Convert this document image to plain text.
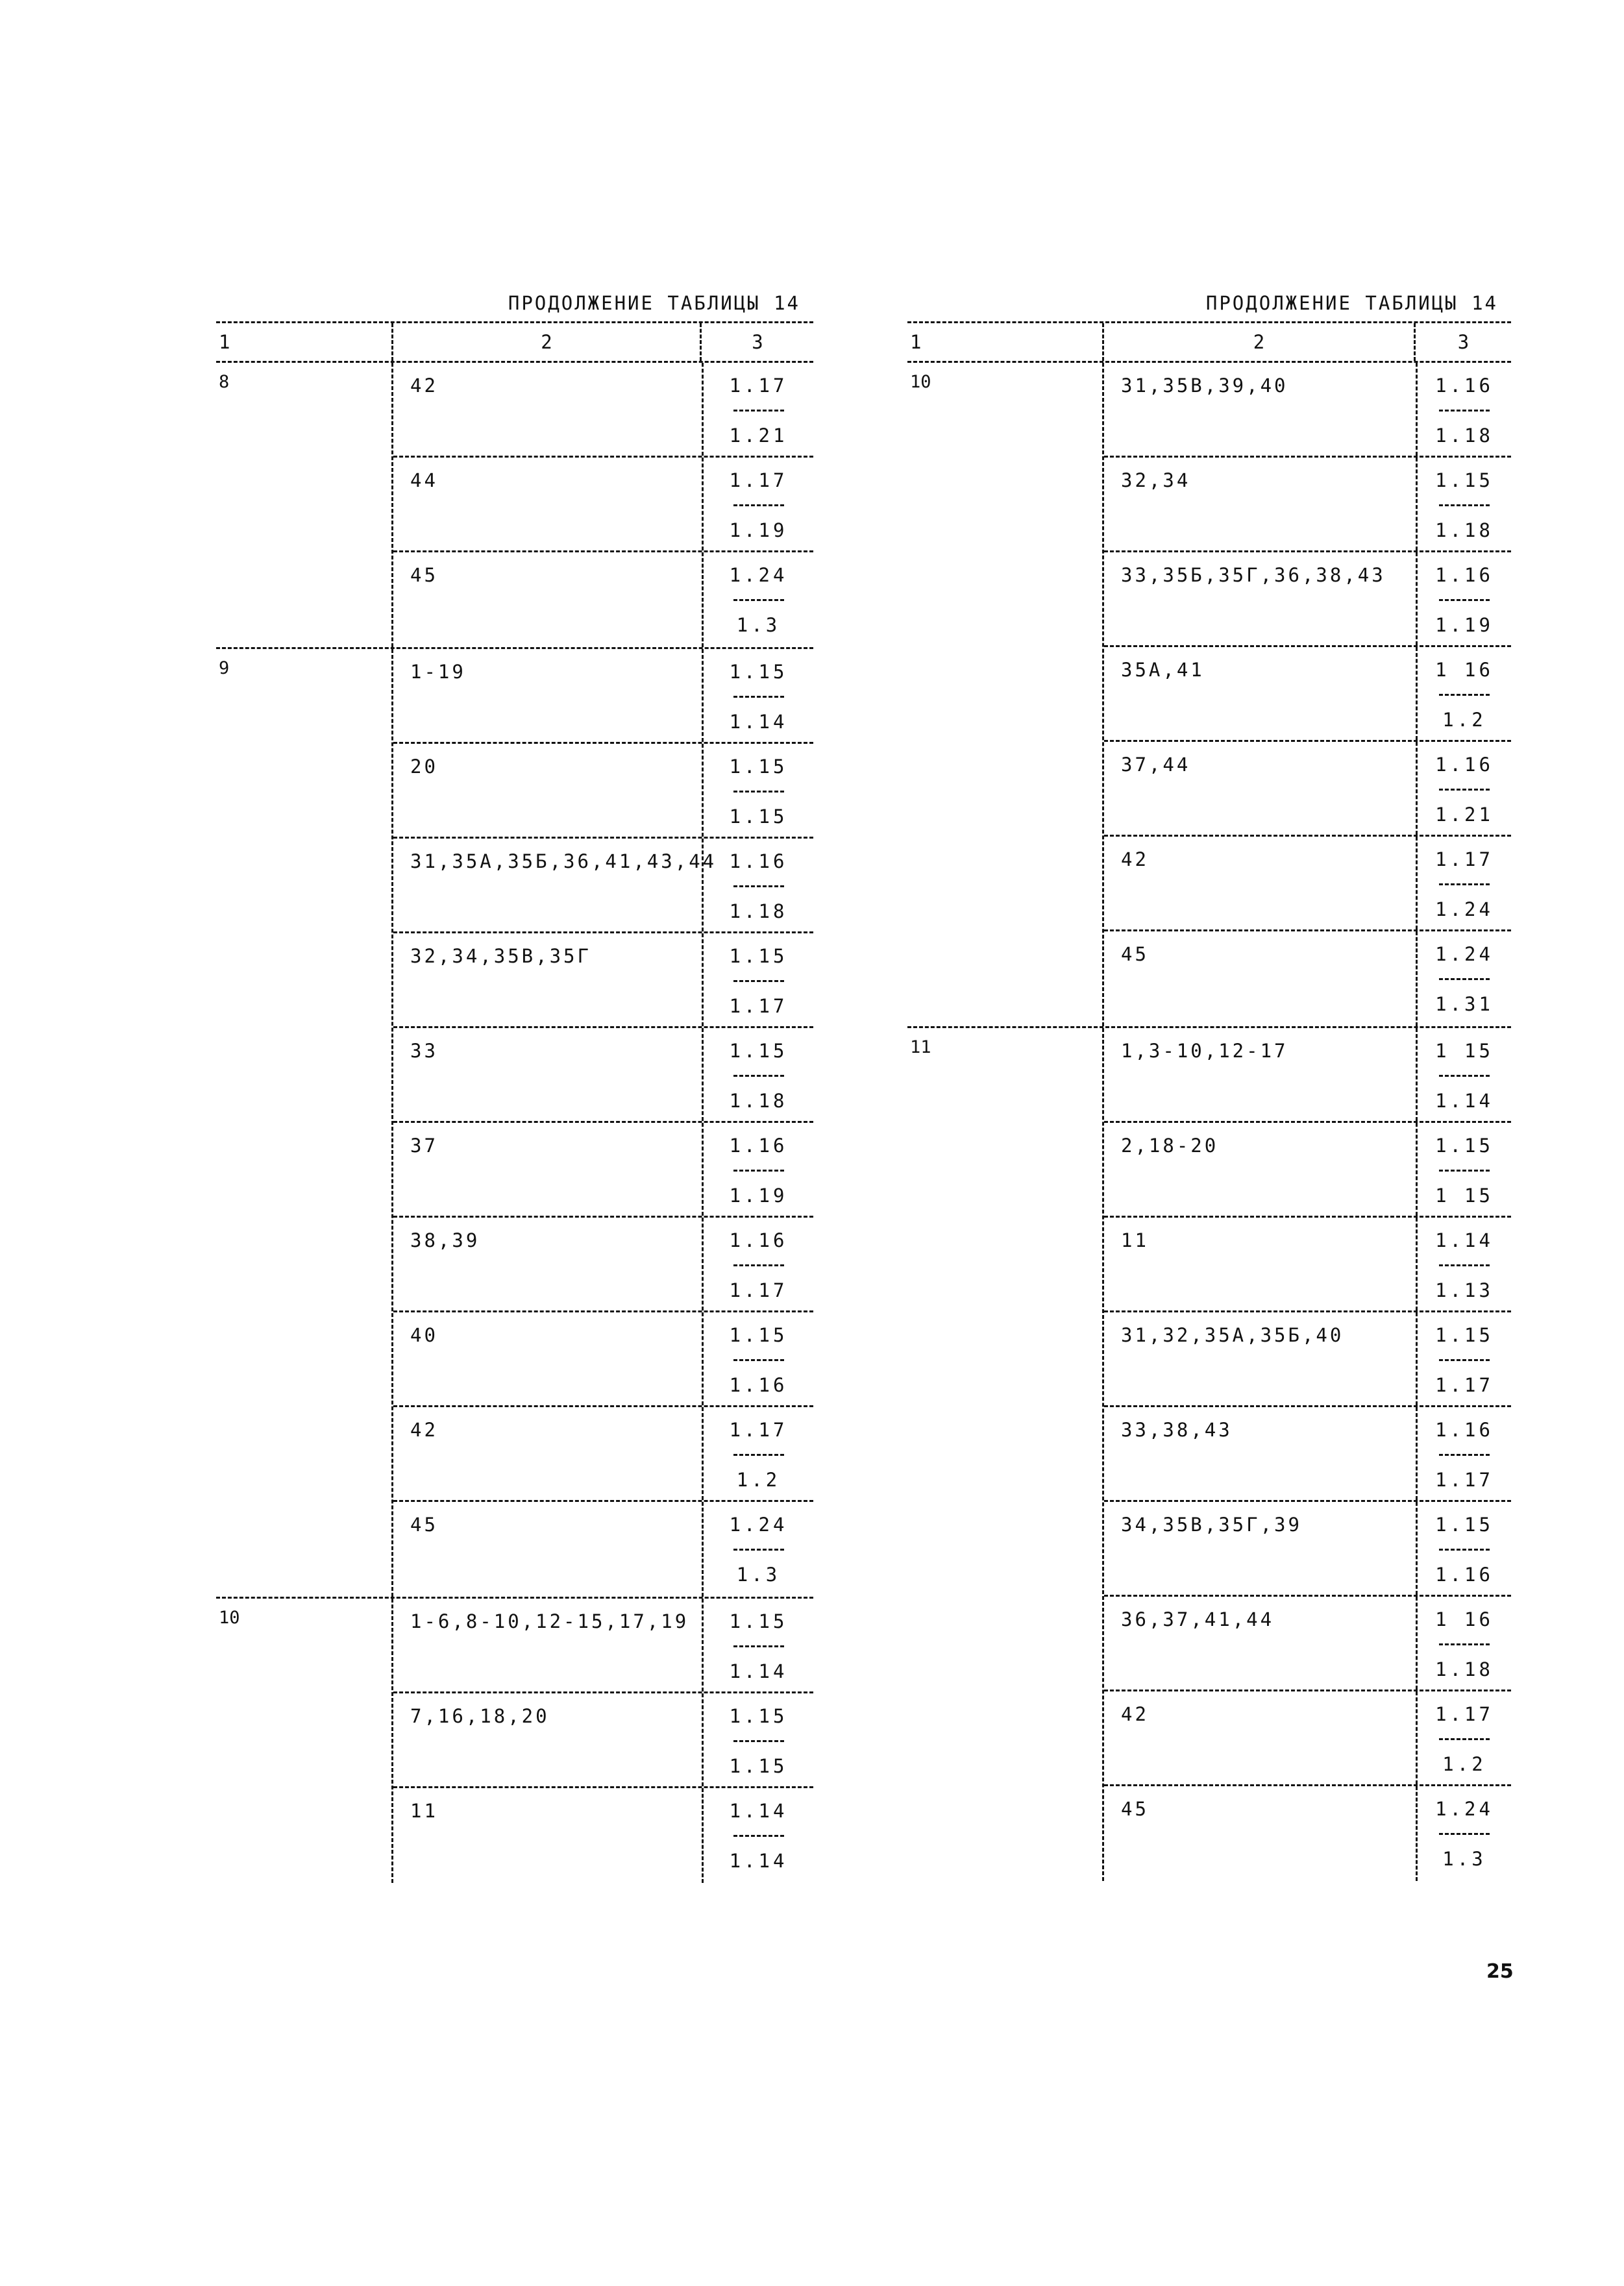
ПРОДОЛЖЕНИЕ ТАБЛИЦЫ 14
1	2	3
8	42	1.17
1.21
44	1.17
1.19
45	1.24
1.3
9	1-19	1.15
1.14
20	1.15
1.15
31,35А,35Б,36,41,43,44 1.16
1.18
32,34,35В,35Г	1.15
1.17
33	1.15
1.18
37	1.16
1.19
38,39	1.16
1.17
40	1.15
1.16
42	1.17
1.2
45	1.24
1.3
10	1-6,8-10,12-15,17,19	1.15
1.14
7,16,18,20	1.15
1.15
11	1.14
1.14
ПРОДОЛЖЕНИЕ ТАБЛИЦЫ 14
1	2	3
10	31,35В,39,40	1.16
1.18
32,34	1.15
1.18
33,35Б,35Г,36,38,43	1.16
1.19
35А,41	1 16
1.2
37,44	1.16
1.21
42	1.17
1.24
45	1.24
1.31
11	1,3-10,12-17	1 15
1.14
2,18-20	1.15
1 15
11	1.14
1.13
31,32,35А,35Б,40	1.15
1.17
33,38,43	1.16
1.17
34,35В,35Г,39	1.15
1.16
36,37,41,44	1 16
1.18
42	1.17
1.2
45	1.24
1.3
25
